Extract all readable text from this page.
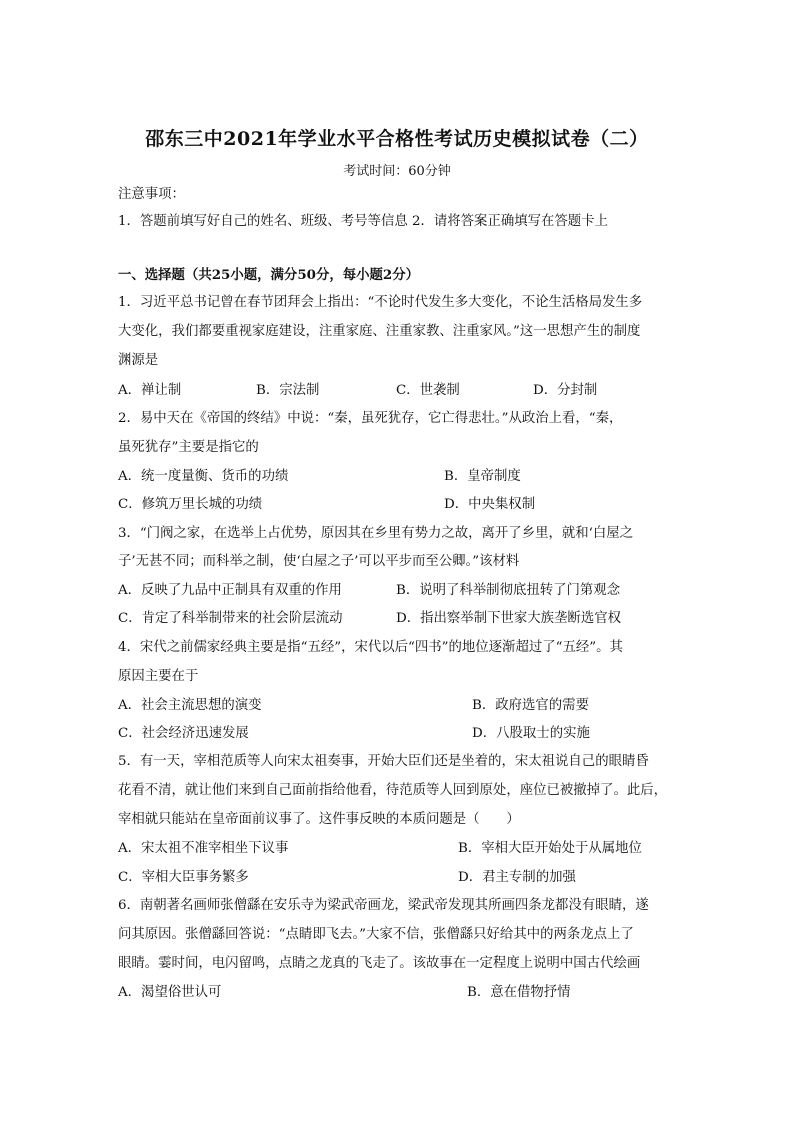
邵东三中2021年学业水平合格性考试历史模拟试卷（二）
考试时间：60分钟
注意事项：
1．答题前填写好自己的姓名、班级、考号等信息 2．请将答案正确填写在答题卡上
一、选择题（共25小题，满分50分，每小题2分）
1．习近平总书记曾在春节团拜会上指出：“不论时代发生多大变化，不论生活格局发生多
大变化，我们都要重视家庭建设，注重家庭、注重家教、注重家风。”这一思想产生的制度
渊源是
A．禅让制	B．宗法制	C．世袭制	D．分封制
2．易中天在《帝国的终结》中说：“秦，虽死犹存，它亡得悲壮。”从政治上看，“秦，
虽死犹存”主要是指它的
A．统一度量衡、货币的功绩	B．皇帝制度
C．修筑万里长城的功绩	D．中央集权制
3．“门阀之家，在选举上占优势，原因其在乡里有势力之故，离开了乡里，就和‘白屋之
子’无甚不同；而科举之制，使‘白屋之子’可以平步而至公卿。”该材料
A．反映了九品中正制具有双重的作用	B．说明了科举制彻底扭转了门第观念
C．肯定了科举制带来的社会阶层流动	D．指出察举制下世家大族垄断选官权
4．宋代之前儒家经典主要是指“五经”，宋代以后“四书”的地位逐渐超过了“五经”。其
原因主要在于
A．社会主流思想的演变	B．政府选官的需要
C．社会经济迅速发展	D．八股取士的实施
5．有一天，宰相范质等人向宋太祖奏事，开始大臣们还是坐着的，宋太祖说自己的眼睛昏
花看不清，就让他们来到自己面前指给他看，待范质等人回到原处，座位已被撤掉了。此后，
宰相就只能站在皇帝面前议事了。这件事反映的本质问题是（　　）
A．宋太祖不准宰相坐下议事	B．宰相大臣开始处于从属地位
C．宰相大臣事务繁多	D．君主专制的加强
6．南朝著名画师张僧繇在安乐寺为梁武帝画龙，梁武帝发现其所画四条龙都没有眼睛，遂
问其原因。张僧繇回答说：“点睛即飞去。”大家不信，张僧繇只好给其中的两条龙点上了
眼睛。霎时间，电闪留鸣，点睛之龙真的飞走了。该故事在一定程度上说明中国古代绘画
A．渴望俗世认可	B．意在借物抒情
